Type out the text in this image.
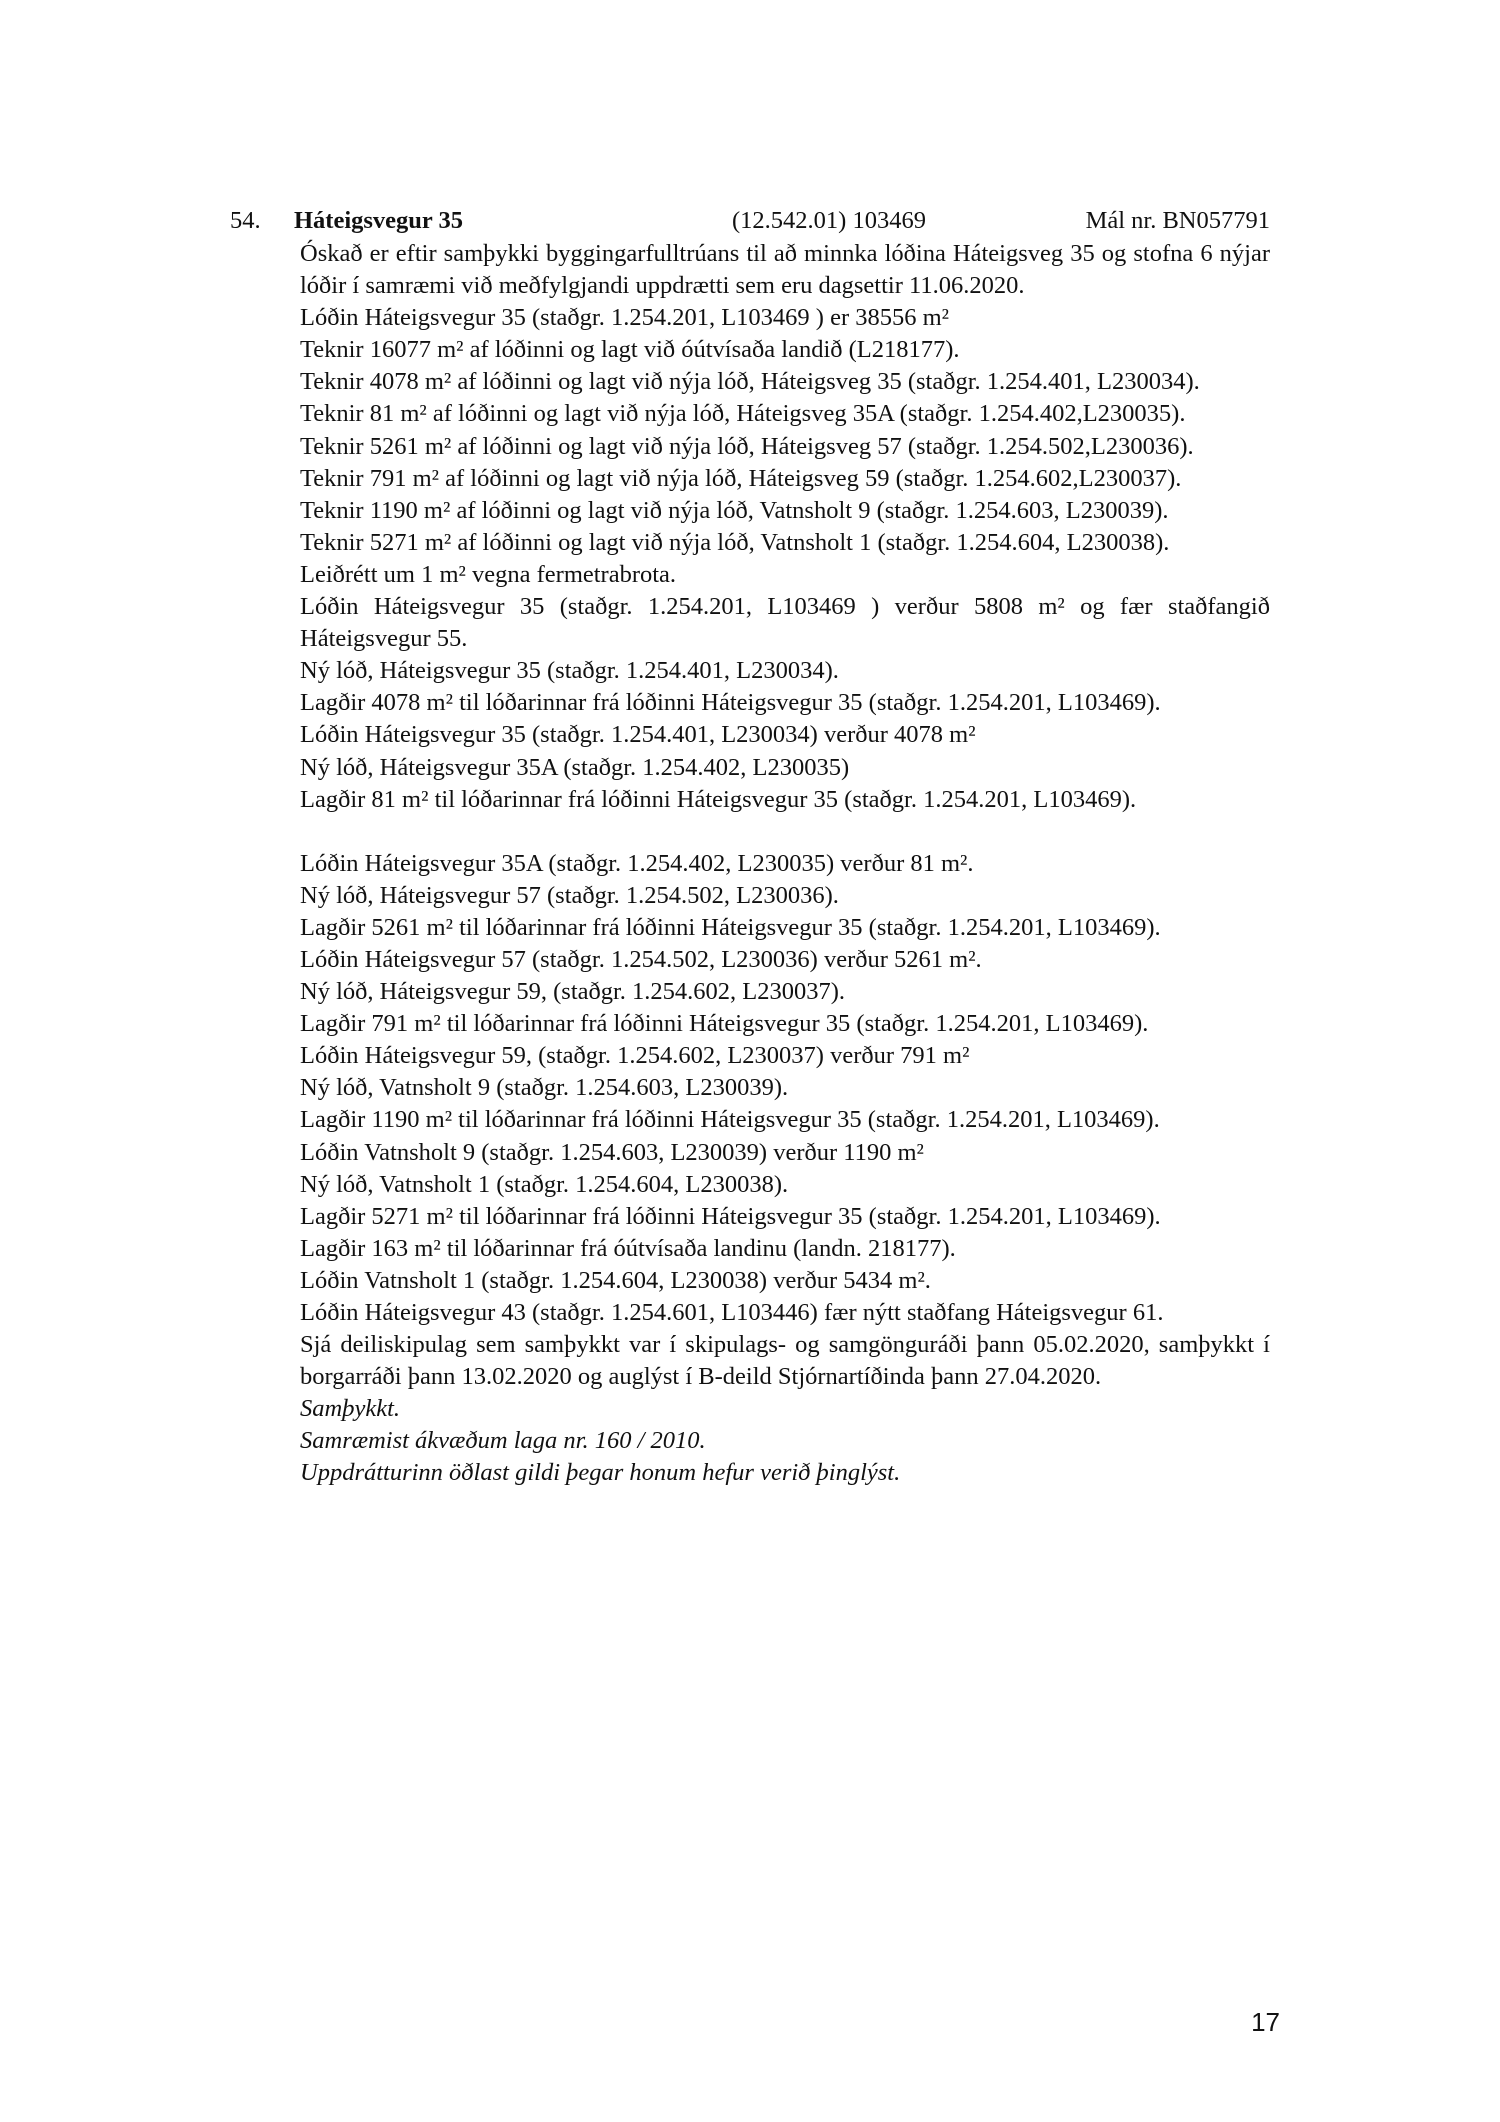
54. Háteigsvegur 35	(12.542.01) 103469	Mál nr. BN057791

Óskað er eftir samþykki byggingarfulltrúans til að minnka lóðina Háteigsveg 35 og stofna 6 nýjar lóðir í samræmi við meðfylgjandi uppdrætti sem eru dagsettir 11.06.2020.

Lóðin Háteigsvegur 35 (staðgr. 1.254.201, L103469 ) er 38556 m²

Teknir 16077 m² af lóðinni og lagt við óútvísaða landið (L218177).

Teknir 4078 m² af lóðinni og lagt við nýja lóð, Háteigsveg 35 (staðgr. 1.254.401, L230034).

Teknir 81 m² af lóðinni og lagt við nýja lóð, Háteigsveg 35A (staðgr. 1.254.402,L230035).

Teknir 5261 m² af lóðinni og lagt við nýja lóð, Háteigsveg 57 (staðgr. 1.254.502,L230036).

Teknir 791 m² af lóðinni og lagt við nýja lóð, Háteigsveg 59 (staðgr. 1.254.602,L230037).

Teknir 1190 m² af lóðinni og lagt við nýja lóð, Vatnsholt 9 (staðgr. 1.254.603, L230039).

Teknir 5271 m² af lóðinni og lagt við nýja lóð, Vatnsholt 1 (staðgr. 1.254.604, L230038).

Leiðrétt um 1 m² vegna fermetrabrota.

Lóðin Háteigsvegur 35 (staðgr. 1.254.201, L103469 ) verður 5808 m² og fær staðfangið Háteigsvegur 55.

Ný lóð, Háteigsvegur 35 (staðgr. 1.254.401, L230034).

Lagðir 4078 m² til lóðarinnar frá lóðinni Háteigsvegur 35 (staðgr. 1.254.201, L103469).

Lóðin Háteigsvegur 35 (staðgr. 1.254.401, L230034) verður 4078 m²

Ný lóð, Háteigsvegur 35A (staðgr. 1.254.402, L230035)

Lagðir 81 m² til lóðarinnar frá lóðinni Háteigsvegur 35 (staðgr. 1.254.201, L103469).

Lóðin Háteigsvegur 35A (staðgr. 1.254.402, L230035) verður 81 m².

Ný lóð, Háteigsvegur 57 (staðgr. 1.254.502, L230036).

Lagðir 5261 m² til lóðarinnar frá lóðinni Háteigsvegur 35 (staðgr. 1.254.201, L103469).

Lóðin Háteigsvegur 57 (staðgr. 1.254.502, L230036) verður 5261 m².

Ný lóð, Háteigsvegur 59, (staðgr. 1.254.602, L230037).

Lagðir 791 m² til lóðarinnar frá lóðinni Háteigsvegur 35 (staðgr. 1.254.201, L103469).

Lóðin Háteigsvegur 59, (staðgr. 1.254.602, L230037) verður 791 m²

Ný lóð, Vatnsholt 9 (staðgr. 1.254.603, L230039).

Lagðir 1190 m² til lóðarinnar frá lóðinni Háteigsvegur 35 (staðgr. 1.254.201, L103469).

Lóðin Vatnsholt 9 (staðgr. 1.254.603, L230039) verður 1190 m²

Ný lóð, Vatnsholt 1 (staðgr. 1.254.604, L230038).

Lagðir 5271 m² til lóðarinnar frá lóðinni Háteigsvegur 35 (staðgr. 1.254.201, L103469).

Lagðir 163 m² til lóðarinnar frá óútvísaða landinu (landn. 218177).

Lóðin Vatnsholt 1 (staðgr. 1.254.604, L230038) verður 5434 m².

Lóðin Háteigsvegur 43 (staðgr. 1.254.601, L103446) fær nýtt staðfang Háteigsvegur 61.

Sjá deiliskipulag sem samþykkt var í skipulags- og samgönguráði þann 05.02.2020, samþykkt í borgarráði þann 13.02.2020 og auglýst í B-deild Stjórnartíðinda þann 27.04.2020.

Samþykkt.

Samræmist ákvæðum laga nr. 160 / 2010.

Uppdrátturinn öðlast gildi þegar honum hefur verið þinglýst.

17
